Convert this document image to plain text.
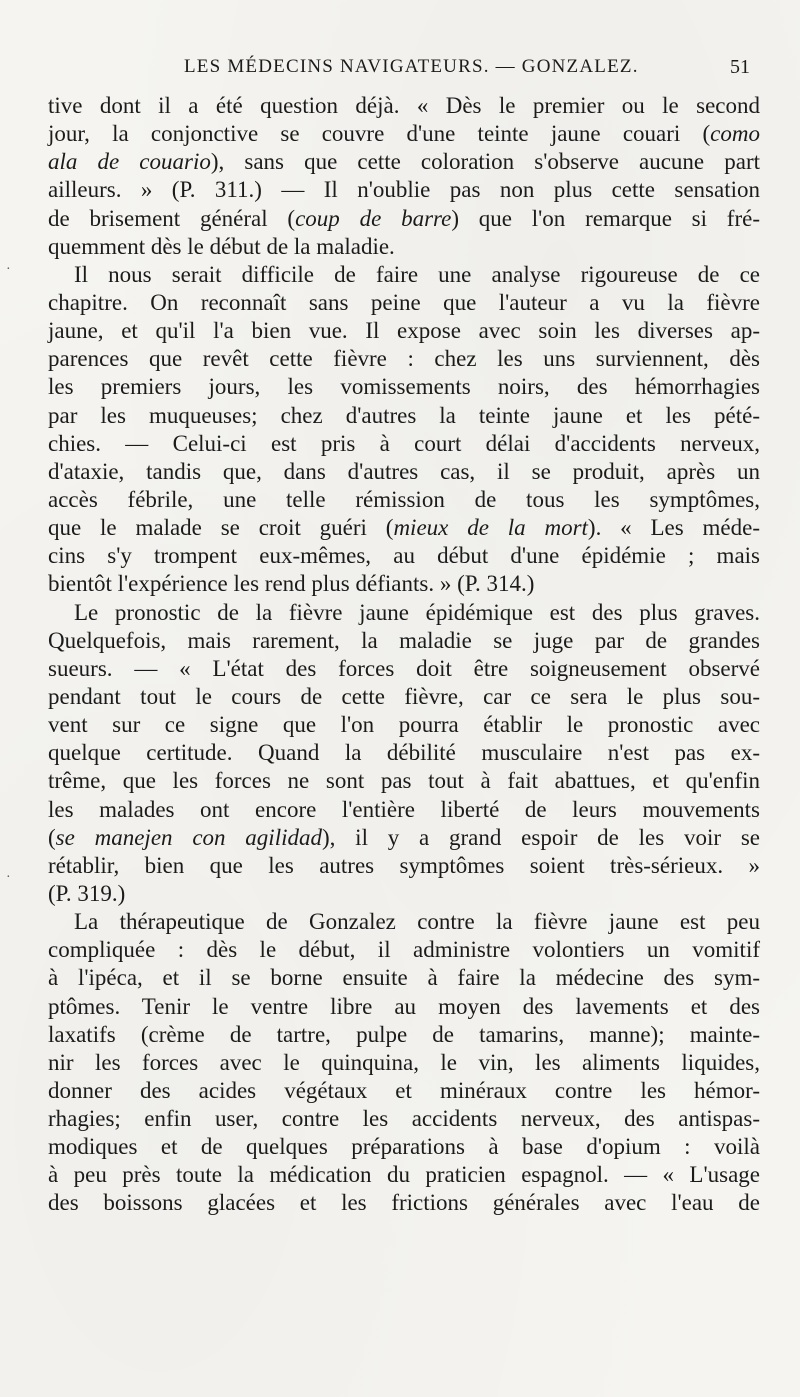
LES MÉDECINS NAVIGATEURS. — GONZALEZ.	51
tive dont il a été question déjà. « Dès le premier ou le second
jour, la conjonctive se couvre d'une teinte jaune couari (como
ala de couario), sans que cette coloration s'observe aucune part
ailleurs. » (P. 311.) — Il n'oublie pas non plus cette sensation
de brisement général (coup de barre) que l'on remarque si fré-
quemment dès le début de la maladie.
Il nous serait difficile de faire une analyse rigoureuse de ce
chapitre. On reconnaît sans peine que l'auteur a vu la fièvre
jaune, et qu'il l'a bien vue. Il expose avec soin les diverses ap-
parences que revêt cette fièvre : chez les uns surviennent, dès
les premiers jours, les vomissements noirs, des hémorrhagies
par les muqueuses; chez d'autres la teinte jaune et les pété-
chies. — Celui-ci est pris à court délai d'accidents nerveux,
d'ataxie, tandis que, dans d'autres cas, il se produit, après un
accès fébrile, une telle rémission de tous les symptômes,
que le malade se croit guéri (mieux de la mort). « Les méde-
cins s'y trompent eux-mêmes, au début d'une épidémie ; mais
bientôt l'expérience les rend plus défiants. » (P. 314.)
Le pronostic de la fièvre jaune épidémique est des plus graves.
Quelquefois, mais rarement, la maladie se juge par de grandes
sueurs. — « L'état des forces doit être soigneusement observé
pendant tout le cours de cette fièvre, car ce sera le plus sou-
vent sur ce signe que l'on pourra établir le pronostic avec
quelque certitude. Quand la débilité musculaire n'est pas ex-
trême, que les forces ne sont pas tout à fait abattues, et qu'enfin
les malades ont encore l'entière liberté de leurs mouvements
(se manejen con agilidad), il y a grand espoir de les voir se
rétablir, bien que les autres symptômes soient très-sérieux. »
(P. 319.)
La thérapeutique de Gonzalez contre la fièvre jaune est peu
compliquée : dès le début, il administre volontiers un vomitif
à l'ipéca, et il se borne ensuite à faire la médecine des sym-
ptômes. Tenir le ventre libre au moyen des lavements et des
laxatifs (crème de tartre, pulpe de tamarins, manne); mainte-
nir les forces avec le quinquina, le vin, les aliments liquides,
donner des acides végétaux et minéraux contre les hémor-
rhagies; enfin user, contre les accidents nerveux, des antispas-
modiques et de quelques préparations à base d'opium : voilà
à peu près toute la médication du praticien espagnol. — « L'usage
des boissons glacées et les frictions générales avec l'eau de
·
·
